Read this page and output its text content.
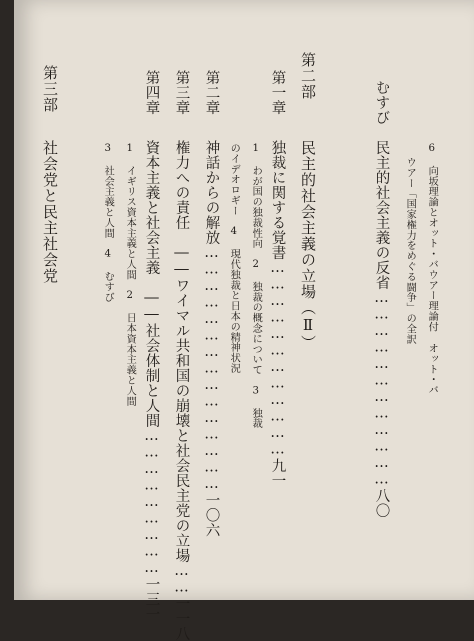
6 向坂理論とオット・バウアー理論付 オット・バ
ウアー「国家権力をめぐる闘争」の全訳
むすび
民主的社会主義の反省………………………………八〇
第二部
民主的社会主義の立場（Ⅱ）
第一章
独裁に関する覚書………………………………九一
1 わが国の独裁性向　2 独裁の概念について　3 独裁
のイデオロギー　4 現代独裁と日本の精神状況
第二章
神話からの解放………………………………………一〇六
第三章
権力への責任　――ワイマル共和国の崩壊と社会民主党の立場……一一八
第四章
資本主義と社会主義　――社会体制と人間………………………一三一
1 イギリス資本主義と人間　2 日本資本主義と人間
3 社会主義と人間　4 むすび
第三部
社会党と民主社会党
